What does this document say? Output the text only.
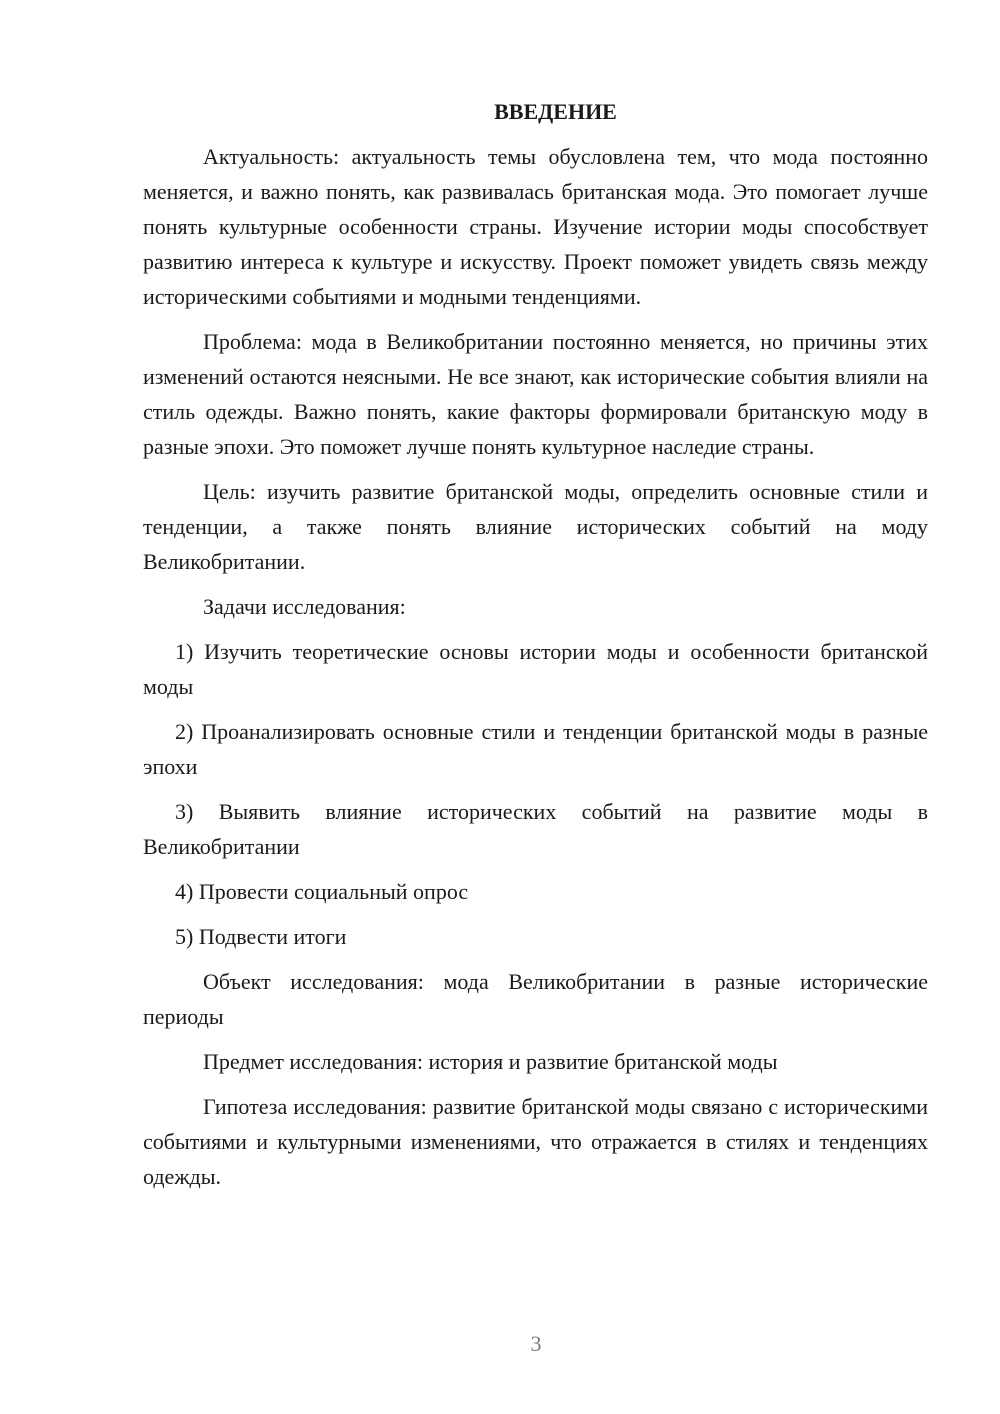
ВВЕДЕНИЕ

Актуальность: актуальность темы обусловлена тем, что мода постоянно меняется, и важно понять, как развивалась британская мода. Это помогает лучше понять культурные особенности страны. Изучение истории моды способствует развитию интереса к культуре и искусству. Проект поможет увидеть связь между историческими событиями и модными тенденциями.

Проблема: мода в Великобритании постоянно меняется, но причины этих изменений остаются неясными. Не все знают, как исторические события влияли на стиль одежды. Важно понять, какие факторы формировали британскую моду в разные эпохи. Это поможет лучше понять культурное наследие страны.

Цель: изучить развитие британской моды, определить основные стили и тенденции, а также понять влияние исторических событий на моду Великобритании.

Задачи исследования:

1) Изучить теоретические основы истории моды и особенности британской моды

2) Проанализировать основные стили и тенденции британской моды в разные эпохи

3) Выявить влияние исторических событий на развитие моды в Великобритании

4) Провести социальный опрос

5) Подвести итоги

Объект исследования: мода Великобритании в разные исторические периоды

Предмет исследования: история и развитие британской моды

Гипотеза исследования: развитие британской моды связано с историческими событиями и культурными изменениями, что отражается в стилях и тенденциях одежды.

3
